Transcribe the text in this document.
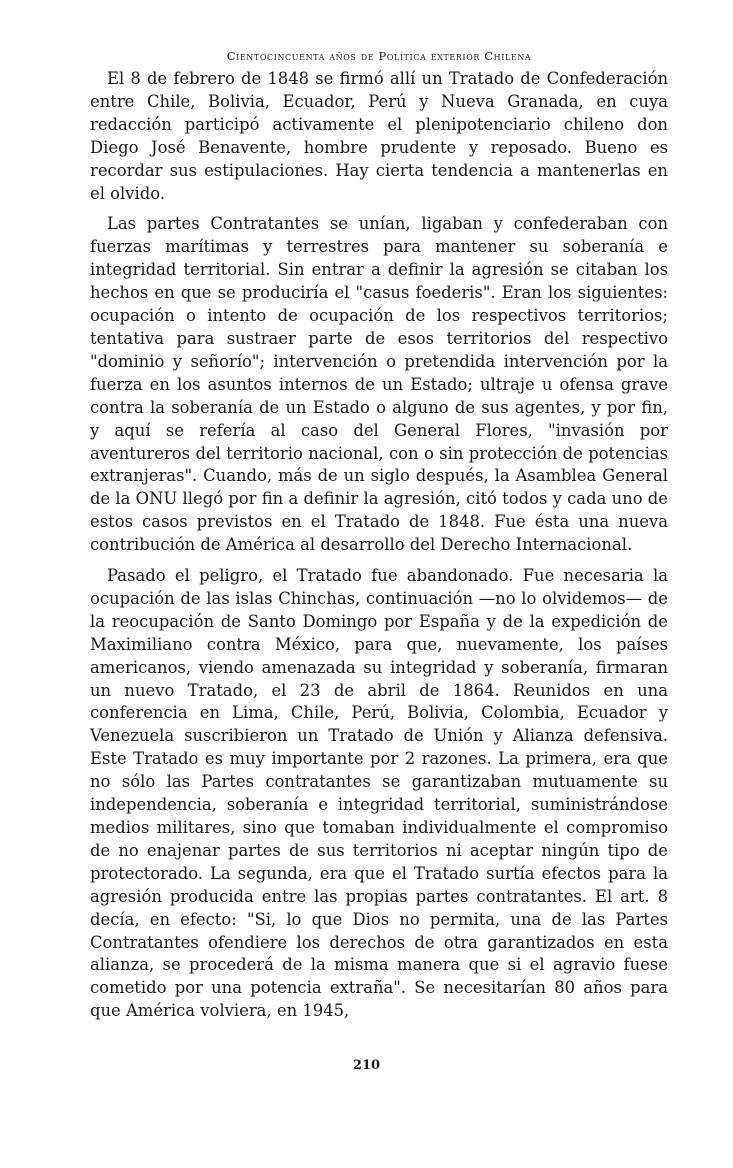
Cientocincuenta años de Política exterior Chilena

El 8 de febrero de 1848 se firmó allí un Tratado de Confederación entre Chile, Bolivia, Ecuador, Perú y Nueva Granada, en cuya redacción participó activamente el plenipotenciario chileno don Diego José Benavente, hombre prudente y reposado. Bueno es recordar sus estipulaciones. Hay cierta tendencia a mantenerlas en el olvido.

Las partes Contratantes se unían, ligaban y confederaban con fuerzas marítimas y terrestres para mantener su soberanía e integridad territorial. Sin entrar a definir la agresión se citaban los hechos en que se produciría el "casus foederis". Eran los siguientes: ocupación o intento de ocupación de los respectivos territorios; tentativa para sustraer parte de esos territorios del respectivo "dominio y señorío"; intervención o pretendida intervención por la fuerza en los asuntos internos de un Estado; ultraje u ofensa grave contra la soberanía de un Estado o alguno de sus agentes, y por fin, y aquí se refería al caso del General Flores, "invasión por aventureros del territorio nacional, con o sin protección de potencias extranjeras". Cuando, más de un siglo después, la Asamblea General de la ONU llegó por fin a definir la agresión, citó todos y cada uno de estos casos previstos en el Tratado de 1848. Fue ésta una nueva contribución de América al desarrollo del Derecho Internacional.

Pasado el peligro, el Tratado fue abandonado. Fue necesaria la ocupación de las islas Chinchas, continuación —no lo olvidemos— de la reocupación de Santo Domingo por España y de la expedición de Maximiliano contra México, para que, nuevamente, los países americanos, viendo amenazada su integridad y soberanía, firmaran un nuevo Tratado, el 23 de abril de 1864. Reunidos en una conferencia en Lima, Chile, Perú, Bolivia, Colombia, Ecuador y Venezuela suscribieron un Tratado de Unión y Alianza defensiva. Este Tratado es muy importante por 2 razones. La primera, era que no sólo las Partes contratantes se garantizaban mutuamente su independencia, soberanía e integridad territorial, suministrándose medios militares, sino que tomaban individualmente el compromiso de no enajenar partes de sus territorios ni aceptar ningún tipo de protectorado. La segunda, era que el Tratado surtía efectos para la agresión producida entre las propias partes contratantes. El art. 8 decía, en efecto: "Si, lo que Dios no permita, una de las Partes Contratantes ofendiere los derechos de otra garantizados en esta alianza, se procederá de la misma manera que si el agravio fuese cometido por una potencia extraña". Se necesitarían 80 años para que América volviera, en 1945,

210
